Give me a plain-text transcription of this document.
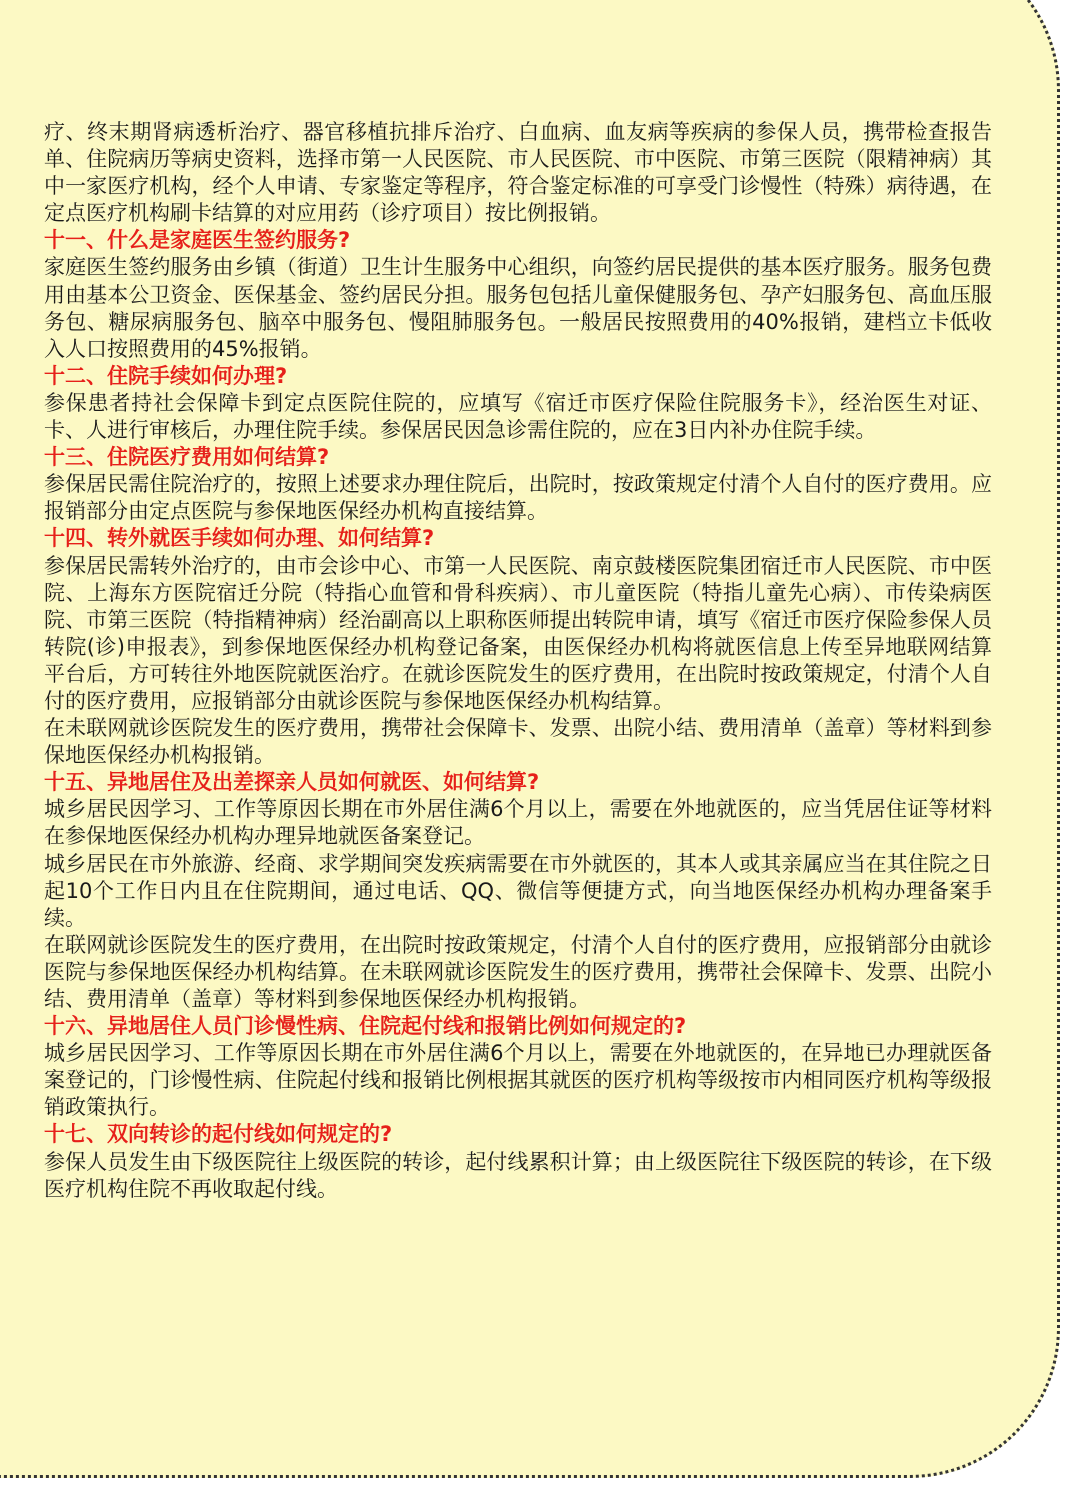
疗、终末期肾病透析治疗、器官移植抗排斥治疗、白血病、血友病等疾病的参保人员，携带检查报告单、住院病历等病史资料，选择市第一人民医院、市人民医院、市中医院、市第三医院（限精神病）其中一家医疗机构，经个人申请、专家鉴定等程序，符合鉴定标准的可享受门诊慢性（特殊）病待遇，在定点医疗机构刷卡结算的对应用药（诊疗项目）按比例报销。

十一、什么是家庭医生签约服务?

家庭医生签约服务由乡镇（街道）卫生计生服务中心组织，向签约居民提供的基本医疗服务。服务包费用由基本公卫资金、医保基金、签约居民分担。服务包包括儿童保健服务包、孕产妇服务包、高血压服务包、糖尿病服务包、脑卒中服务包、慢阻肺服务包。一般居民按照费用的40%报销，建档立卡低收入人口按照费用的45%报销。

十二、住院手续如何办理?

参保患者持社会保障卡到定点医院住院的，应填写《宿迁市医疗保险住院服务卡》，经治医生对证、卡、人进行审核后，办理住院手续。参保居民因急诊需住院的，应在3日内补办住院手续。

十三、住院医疗费用如何结算?

参保居民需住院治疗的，按照上述要求办理住院后，出院时，按政策规定付清个人自付的医疗费用。应报销部分由定点医院与参保地医保经办机构直接结算。

十四、转外就医手续如何办理、如何结算?

参保居民需转外治疗的，由市会诊中心、市第一人民医院、南京鼓楼医院集团宿迁市人民医院、市中医院、上海东方医院宿迁分院（特指心血管和骨科疾病）、市儿童医院（特指儿童先心病）、市传染病医院、市第三医院（特指精神病）经治副高以上职称医师提出转院申请，填写《宿迁市医疗保险参保人员转院(诊)申报表》，到参保地医保经办机构登记备案，由医保经办机构将就医信息上传至异地联网结算平台后，方可转往外地医院就医治疗。在就诊医院发生的医疗费用，在出院时按政策规定，付清个人自付的医疗费用，应报销部分由就诊医院与参保地医保经办机构结算。

在未联网就诊医院发生的医疗费用，携带社会保障卡、发票、出院小结、费用清单（盖章）等材料到参保地医保经办机构报销。

十五、异地居住及出差探亲人员如何就医、如何结算?

城乡居民因学习、工作等原因长期在市外居住满6个月以上，需要在外地就医的，应当凭居住证等材料在参保地医保经办机构办理异地就医备案登记。

城乡居民在市外旅游、经商、求学期间突发疾病需要在市外就医的，其本人或其亲属应当在其住院之日起10个工作日内且在住院期间，通过电话、QQ、微信等便捷方式，向当地医保经办机构办理备案手续。

在联网就诊医院发生的医疗费用，在出院时按政策规定，付清个人自付的医疗费用，应报销部分由就诊医院与参保地医保经办机构结算。在未联网就诊医院发生的医疗费用，携带社会保障卡、发票、出院小结、费用清单（盖章）等材料到参保地医保经办机构报销。

十六、异地居住人员门诊慢性病、住院起付线和报销比例如何规定的?

城乡居民因学习、工作等原因长期在市外居住满6个月以上，需要在外地就医的，在异地已办理就医备案登记的，门诊慢性病、住院起付线和报销比例根据其就医的医疗机构等级按市内相同医疗机构等级报销政策执行。

十七、双向转诊的起付线如何规定的?

参保人员发生由下级医院往上级医院的转诊，起付线累积计算；由上级医院往下级医院的转诊，在下级医疗机构住院不再收取起付线。
